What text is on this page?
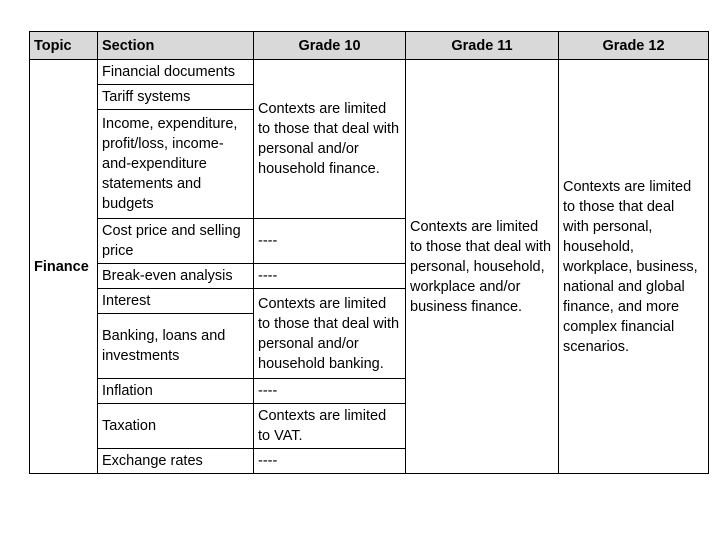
Topic	Section	Grade 10	Grade 11	Grade 12
Finance	Financial documents	Contexts are limited to those that deal with personal and/or household finance.	Contexts are limited to those that deal with personal, household, workplace and/or business finance.	Contexts are limited to those that deal with personal, household, workplace, business, national and global finance, and more complex financial scenarios.
	Tariff systems			
	Income, expenditure, profit/loss, income-and-expenditure statements and budgets			
	Cost price and selling price	----		
	Break-even analysis	----		
	Interest	Contexts are limited to those that deal with personal and/or household banking.		
	Banking, loans and investments			
	Inflation	----		
	Taxation	Contexts are limited to VAT.		
	Exchange rates	----		
